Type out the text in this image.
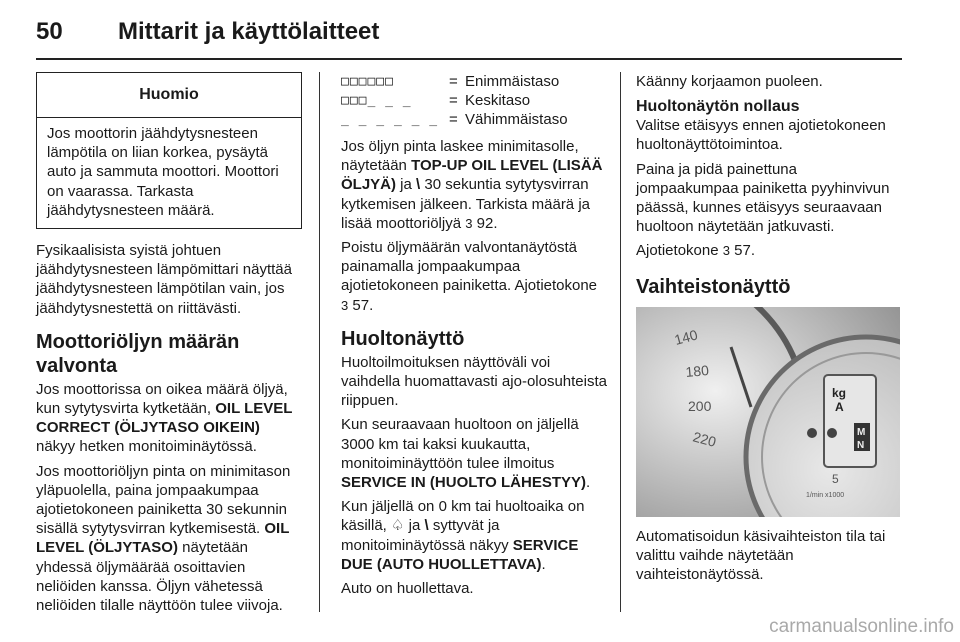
50 Mittarit ja käyttölaitteet
Huomio
Jos moottorin jäähdytysnesteen lämpötila on liian korkea, pysäytä auto ja sammuta moottori. Moottori on vaarassa. Tarkasta jäähdytysnesteen määrä.

Fysikaalisista syistä johtuen jäähdytysnesteen lämpömittari näyttää jäähdytysnesteen lämpötilan vain, jos jäähdytysnestettä on riittävästi.

Moottoriöljyn määrän valvonta

Jos moottorissa on oikea määrä öljyä, kun sytytysvirta kytketään, OIL LEVEL CORRECT (ÖLJYTASO OIKEIN) näkyy hetken monitoiminäytössä.

Jos moottoriöljyn pinta on minimitason yläpuolella, paina jompaakumpaa ajotietokoneen painiketta 30 sekunnin sisällä sytytysvirran kytkemisestä. OIL LEVEL (ÖLJYTASO) näytetään yhdessä öljymäärää osoittavien neliöiden kanssa. Öljyn vähetessä neliöiden tilalle näyttöön tulee viivoja.

□□□□□□	= Enimmäistaso
□□□_ _ _ = Keskitaso
_ _ _ _ _ _ = Vähimmäistaso

Jos öljyn pinta laskee minimitasolle, näytetään TOP-UP OIL LEVEL (LISÄÄ ÖLJYÄ) ja \ 30 sekuntia sytytysvirran kytkemisen jälkeen. Tarkista määrä ja lisää moottoriöljyä 3 92.

Poistu öljymäärän valvontanäytöstä painamalla jompaakumpaa ajotietokoneen painiketta. Ajotietokone
3 57.

Huoltonäyttö

Huoltoilmoituksen näyttöväli voi vaihdella huomattavasti ajo-olosuhteista riippuen.

Kun seuraavaan huoltoon on jäljellä 3000 km tai kaksi kuukautta, monitoiminäyttöön tulee ilmoitus SERVICE IN (HUOLTO LÄHESTYY).

Kun jäljellä on 0 km tai huoltoaika on käsillä, ♤ ja \ syttyvät ja monitoiminäytössä näkyy SERVICE DUE (AUTO HUOLLETTAVA).

Auto on huollettava.

Käänny korjaamon puoleen.

Huoltonäytön nollaus

Valitse etäisyys ennen ajotietokoneen huoltonäyttötoimintoa.

Paina ja pidä painettuna jompaakumpaa painiketta pyyhinvivun päässä, kunnes etäisyys seuraavaan huoltoon näytetään jatkuvasti.

Ajotietokone 3 57.

Vaihteistonäyttö
140
180
200
220
kg
A
M
N
5
1/min x1000

Automatisoidun käsivaihteiston tila tai valittu vaihde näytetään vaihteistonäytössä.

carmanualsonline.info
